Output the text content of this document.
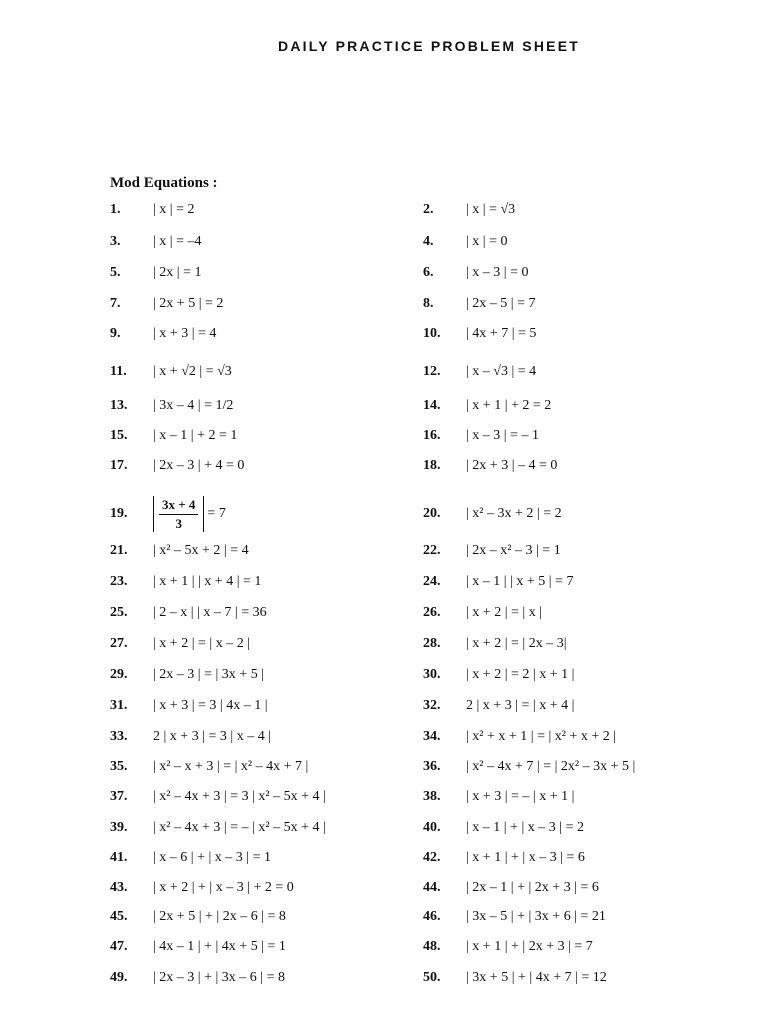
DAILY PRACTICE PROBLEM SHEET
Mod Equations :
1.	| x | = 2	2.	| x | = √3
3.	| x | = –4	4.	| x | = 0
5.	| 2x | = 1	6.	| x – 3 | = 0
7.	| 2x + 5 | = 2	8.	| 2x – 5 | = 7
9.	| x + 3 | = 4	10.	| 4x + 7 | = 5
11.	| x + √2 | = √3	12.	| x – √3 | = 4
13.	| 3x – 4 | = 1/2	14.	| x + 1 | + 2 = 2
15.	| x – 1 | + 2 = 1	16.	| x – 3 | = – 1
17.	| 2x – 3 | + 4 = 0	18.	| 2x + 3 | – 4 = 0
19.	$\frac{3x + 4}{3} = 7$	20.	| x² – 3x + 2 | = 2
21.	| x² – 5x + 2 | = 4	22.	| 2x – x² – 3 | = 1
23.	| x + 1 | | x + 4 | = 1	24.	| x – 1 | | x + 5 | = 7
25.	| 2 – x | | x – 7 | = 36	26.	| x + 2 | = | x |
27.	| x + 2 | = | x – 2 |	28.	| x + 2 | = | 2x – 3|
29.	| 2x – 3 | = | 3x + 5 |	30.	| x + 2 | = 2 | x + 1 |
31.	| x + 3 | = 3 | 4x – 1 |	32.	2 | x + 3 | = | x + 4 |
33.	2 | x + 3 | = 3 | x – 4 |	34.	| x² + x + 1 | = | x² + x + 2 |
35.	| x² – x + 3 | = | x² – 4x + 7 |	36.	| x² – 4x + 7 | = | 2x² – 3x + 5 |
37.	| x² – 4x + 3 | = 3 | x² – 5x + 4 |	38.	| x + 3 | = – | x + 1 |
39.	| x² – 4x + 3 | = – | x² – 5x + 4 |	40.	| x – 1 | + | x – 3 | = 2
41.	| x – 6 | + | x – 3 | = 1	42.	| x + 1 | + | x – 3 | = 6
43.	| x + 2 | + | x – 3 | + 2 = 0	44.	| 2x – 1 | + | 2x + 3 | = 6
45.	| 2x + 5 | + | 2x – 6 | = 8	46.	| 3x – 5 | + | 3x + 6 | = 21
47.	| 4x – 1 | + | 4x + 5 | = 1	48.	| x + 1 | + | 2x + 3 | = 7
49.	| 2x – 3 | + | 3x – 6 | = 8	50.	| 3x + 5 | + | 4x + 7 | = 12
